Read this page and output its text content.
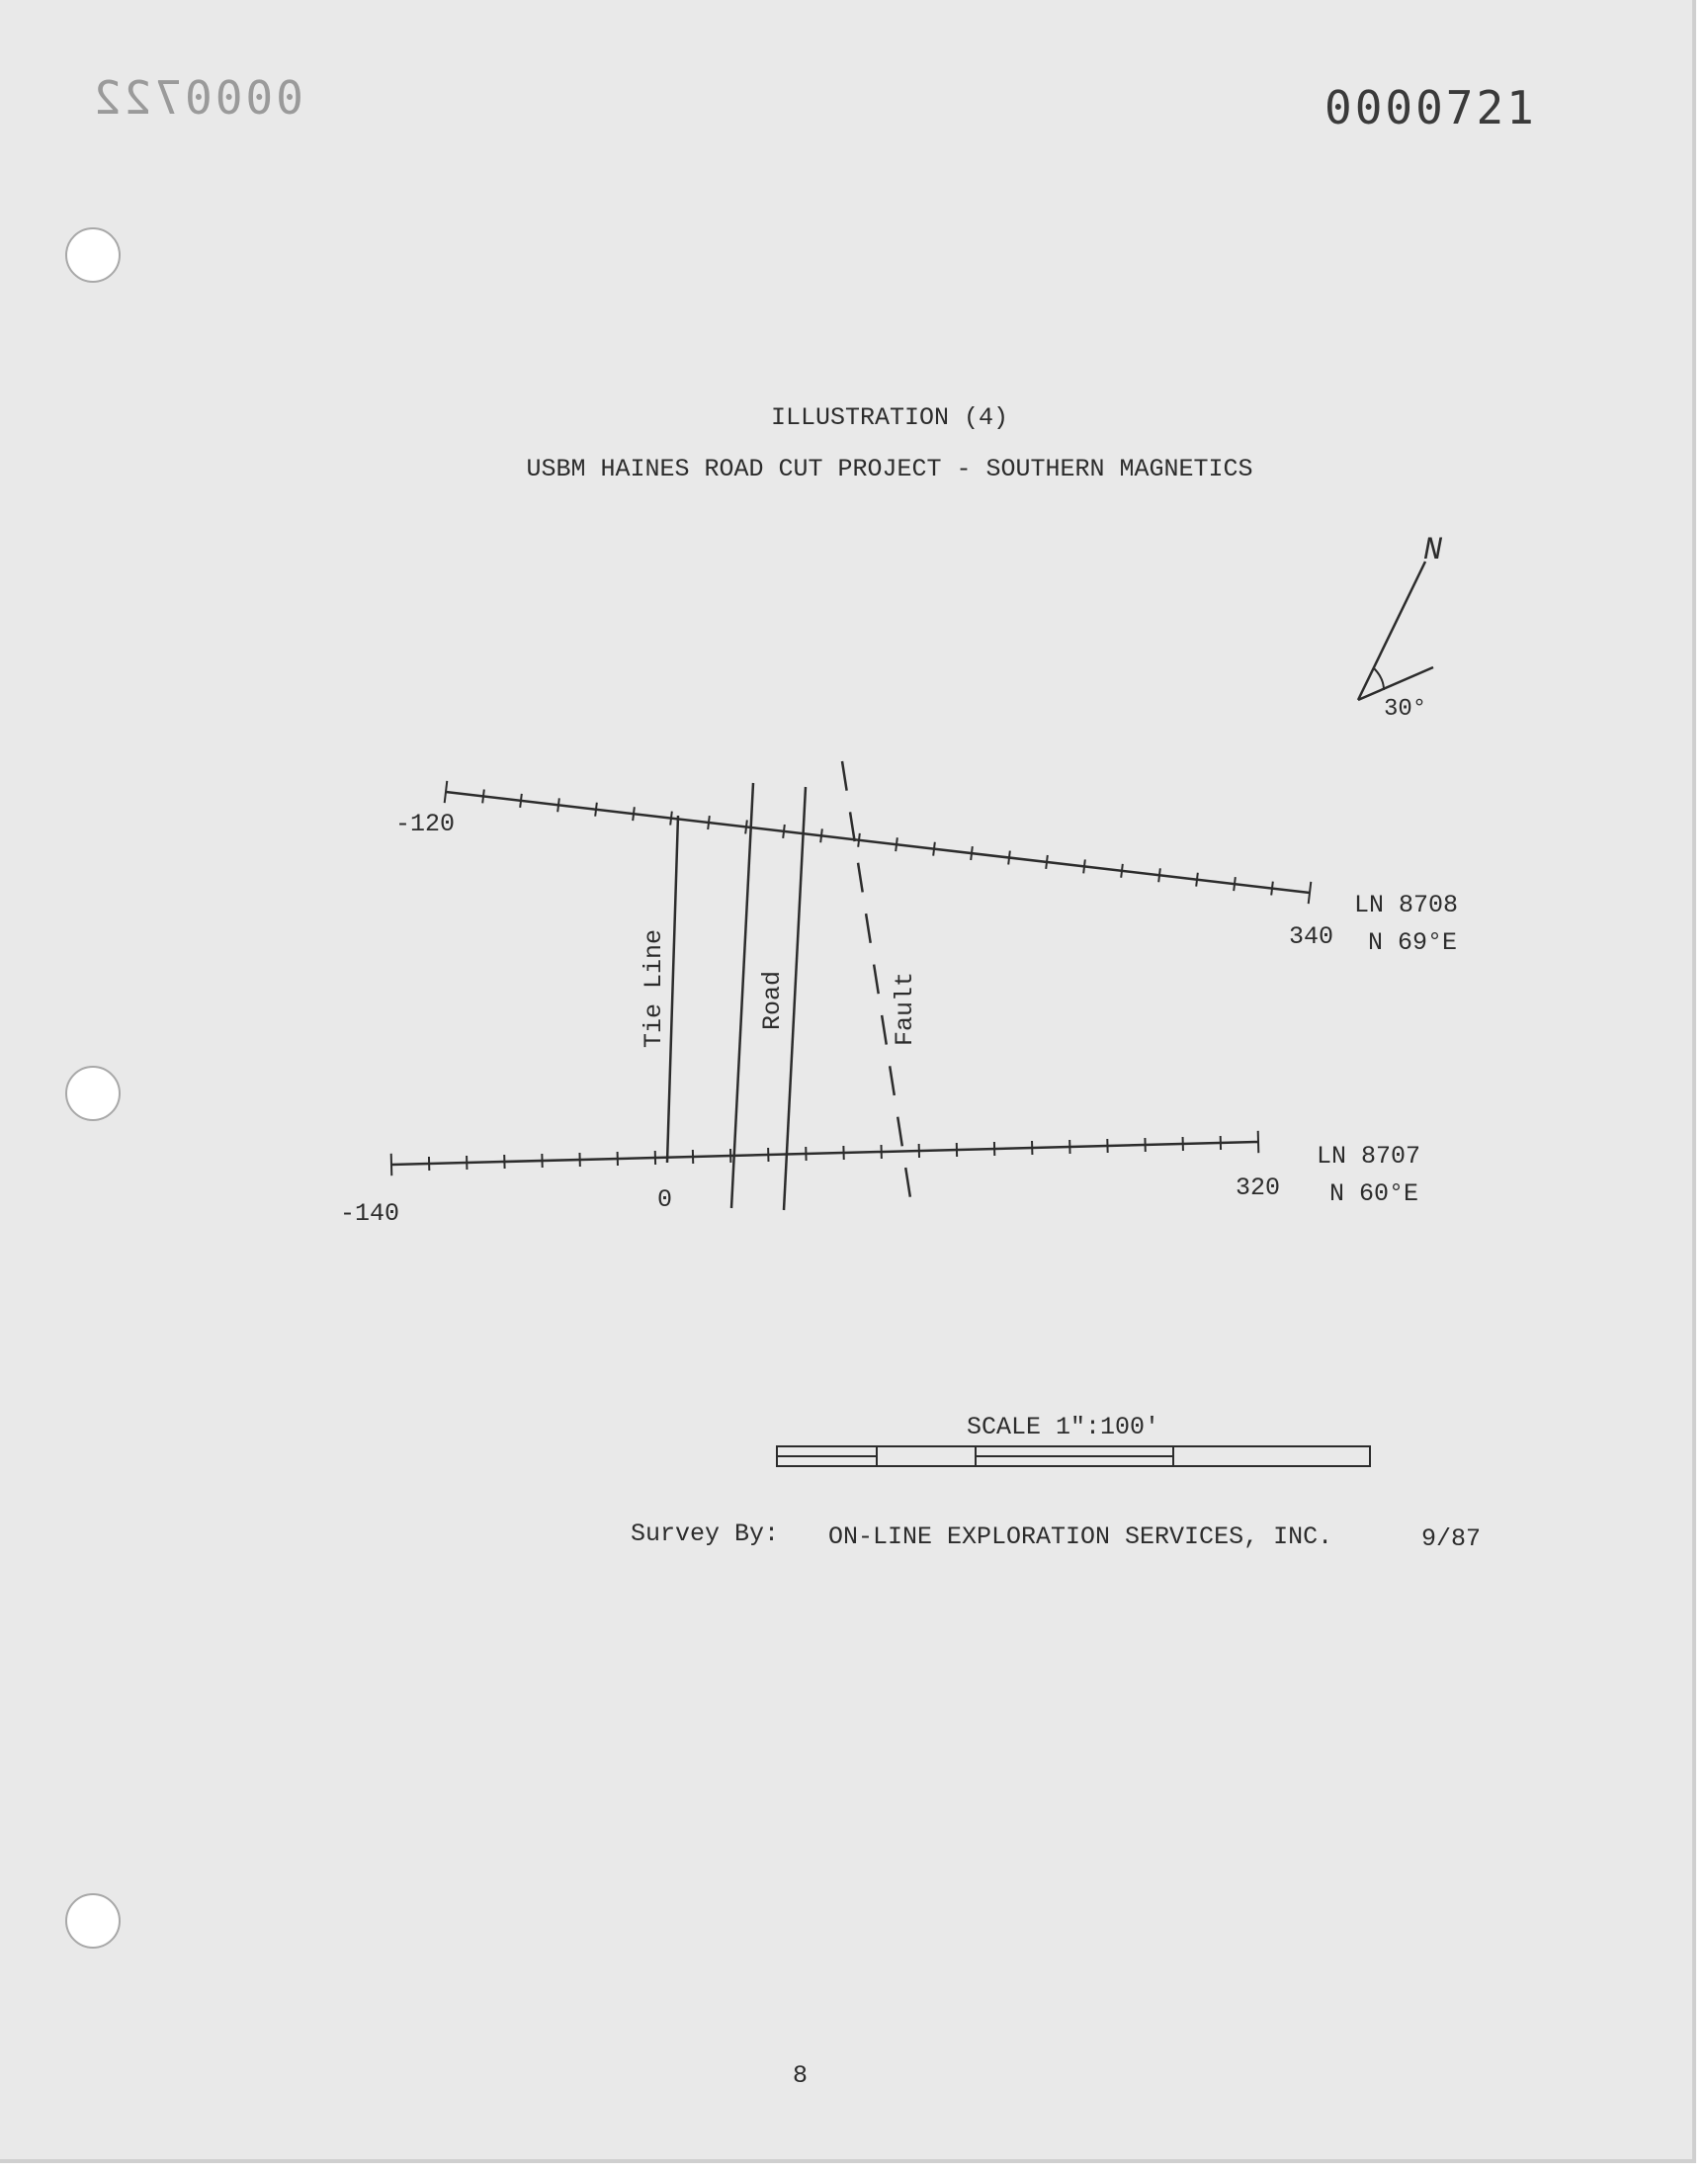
0000722	0000721
ILLUSTRATION (4)
USBM HAINES ROAD CUT PROJECT - SOUTHERN MAGNETICS
N
30°
-120
340
LN 8708
N 69°E
-140	0	320
LN 8707
N 60°E
Tie Line	Road	Fault
SCALE 1":100'
Survey By: ON-LINE EXPLORATION SERVICES, INC.	9/87
8
